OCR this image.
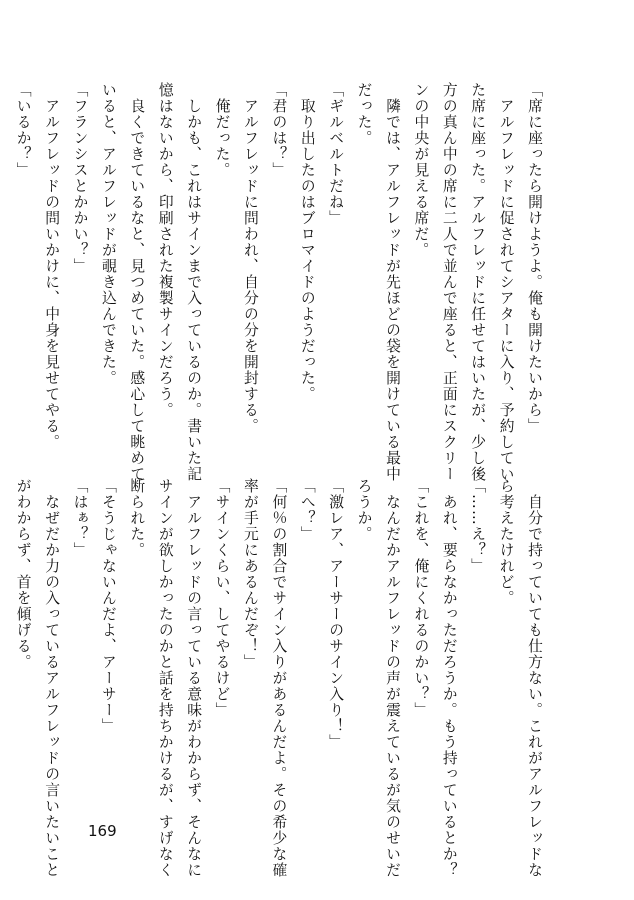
「席に座ったら開けようよ。俺も開けたいから」
　アルフレッドに促されてシアターに入り、予約してい
た席に座った。アルフレッドに任せてはいたが、少し後
方の真ん中の席に二人で並んで座ると、正面にスクリー
ンの中央が見える席だ。
　隣では、アルフレッドが先ほどの袋を開けている最中
だった。
「ギルベルトだね」
　取り出したのはブロマイドのようだった。
「君のは？」
　アルフレッドに問われ、自分の分を開封する。
　俺だった。
　しかも、これはサインまで入っているのか。書いた記
憶はないから、印刷された複製サインだろう。
　良くできているなと、見つめていた。感心して眺めて
いると、アルフレッドが覗き込んできた。
「フランシスとかかい？」
　アルフレッドの問いかけに、中身を見せてやる。
「いるか？」
　自分で持っていても仕方ない。これがアルフレッドな
ら考えたけれど。
「……え？」
　あれ、要らなかっただろうか。もう持っているとか？
「これを、俺にくれるのかい？」
　なんだかアルフレッドの声が震えているが気のせいだ
ろうか。
「激レア、アーサーのサイン入り！」
「へ？」
「何％の割合でサイン入りがあるんだよ。その希少な確
率が手元にあるんだぞ！」
「サインくらい、してやるけど」
　アルフレッドの言っている意味がわからず、そんなに
サインが欲しかったのかと話を持ちかけるが、すげなく
断られた。
「そうじゃないんだよ、アーサー」
「はぁ？」
　なぜだか力の入っているアルフレッドの言いたいこと
がわからず、首を傾げる。
169
